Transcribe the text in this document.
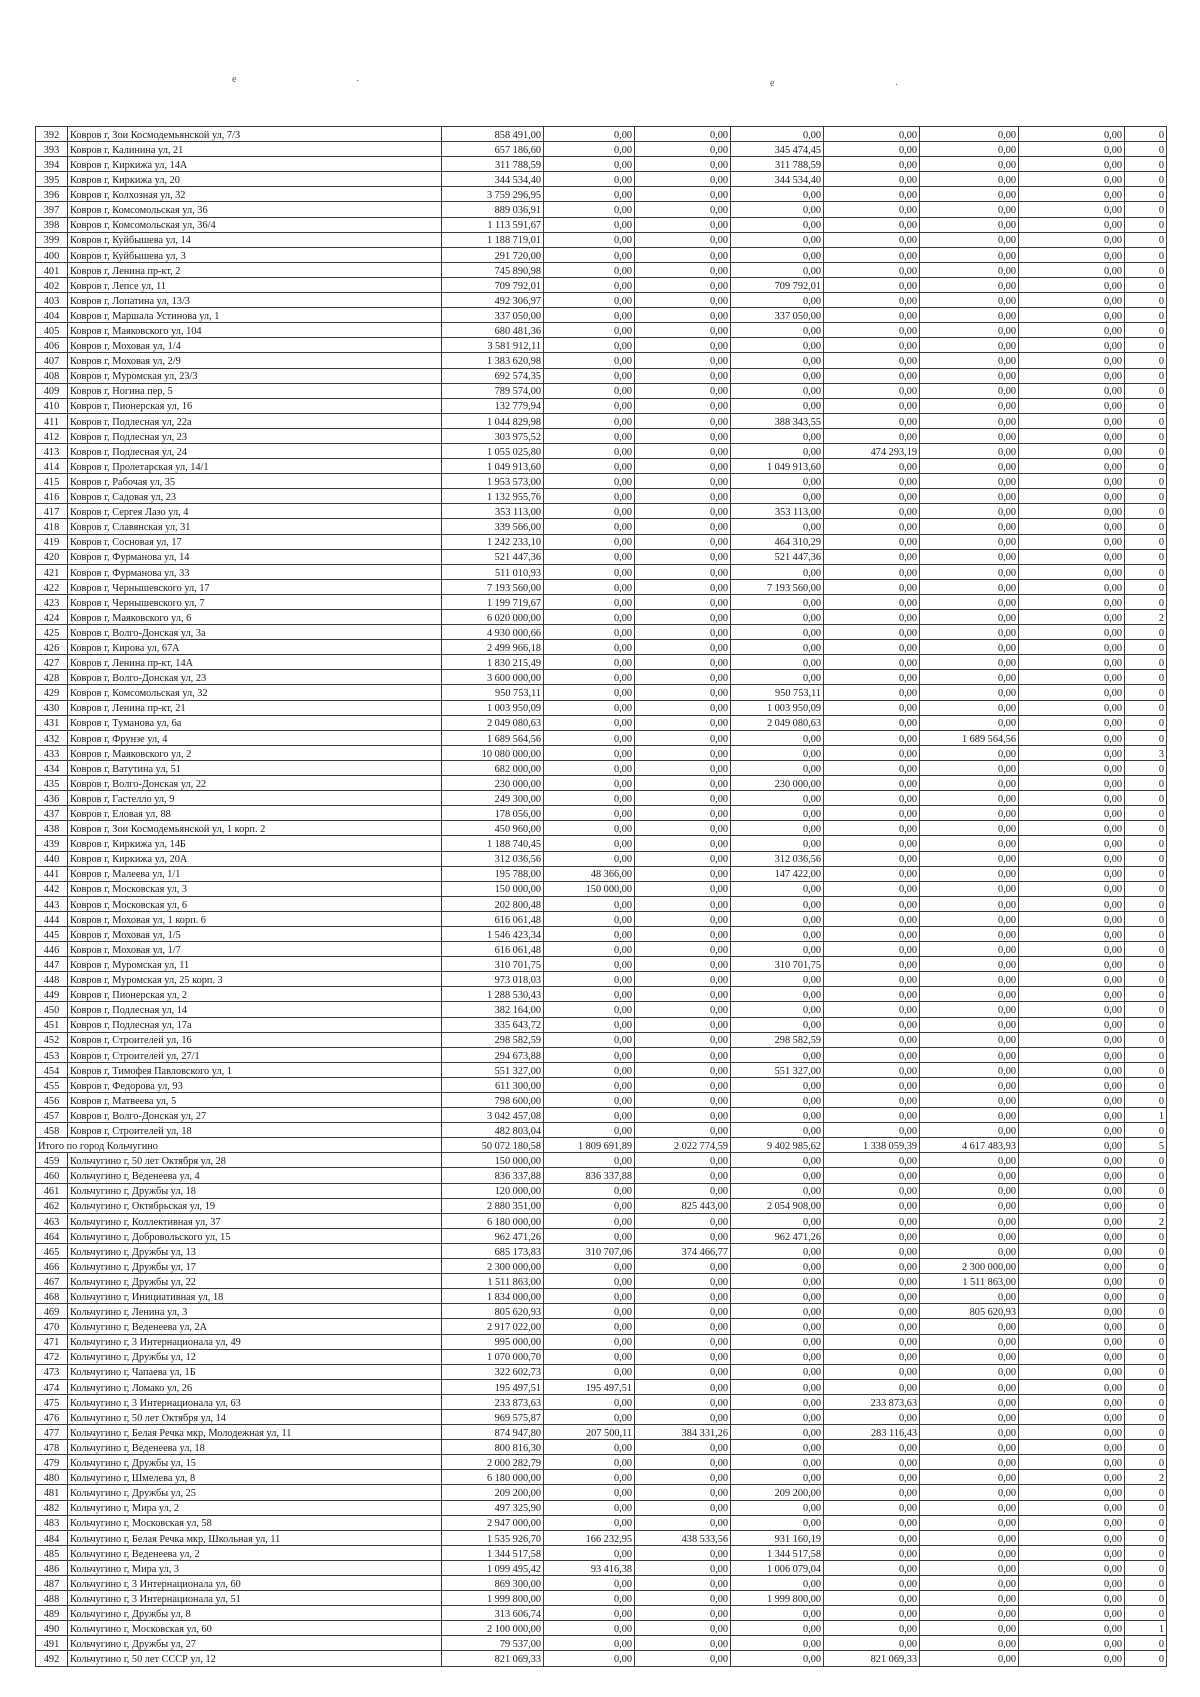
е	·	е	·
392	Ковров г, Зои Космодемьянской ул, 7/3	858 491,00	0,00	0,00	0,00	0,00	0,00	0,00	0
393	Ковров г, Калинина ул, 21	657 186,60	0,00	0,00	345 474,45	0,00	0,00	0,00	0
394	Ковров г, Киркижа ул, 14А	311 788,59	0,00	0,00	311 788,59	0,00	0,00	0,00	0
395	Ковров г, Киркижа ул, 20	344 534,40	0,00	0,00	344 534,40	0,00	0,00	0,00	0
396	Ковров г, Колхозная ул, 32	3 759 296,95	0,00	0,00	0,00	0,00	0,00	0,00	0
397	Ковров г, Комсомольская ул, 36	889 036,91	0,00	0,00	0,00	0,00	0,00	0,00	0
398	Ковров г, Комсомольская ул, 36/4	1 113 591,67	0,00	0,00	0,00	0,00	0,00	0,00	0
399	Ковров г, Куйбышева ул, 14	1 188 719,01	0,00	0,00	0,00	0,00	0,00	0,00	0
400	Ковров г, Куйбышева ул, 3	291 720,00	0,00	0,00	0,00	0,00	0,00	0,00	0
401	Ковров г, Ленина пр-кт, 2	745 890,98	0,00	0,00	0,00	0,00	0,00	0,00	0
402	Ковров г, Лепсе ул, 11	709 792,01	0,00	0,00	709 792,01	0,00	0,00	0,00	0
403	Ковров г, Лопатина ул, 13/3	492 306,97	0,00	0,00	0,00	0,00	0,00	0,00	0
404	Ковров г, Маршала Устинова ул, 1	337 050,00	0,00	0,00	337 050,00	0,00	0,00	0,00	0
405	Ковров г, Маяковского ул, 104	680 481,36	0,00	0,00	0,00	0,00	0,00	0,00	0
406	Ковров г, Моховая ул, 1/4	3 581 912,11	0,00	0,00	0,00	0,00	0,00	0,00	0
407	Ковров г, Моховая ул, 2/9	1 383 620,98	0,00	0,00	0,00	0,00	0,00	0,00	0
408	Ковров г, Муромская ул, 23/3	692 574,35	0,00	0,00	0,00	0,00	0,00	0,00	0
409	Ковров г, Ногина пер, 5	789 574,00	0,00	0,00	0,00	0,00	0,00	0,00	0
410	Ковров г, Пионерская ул, 16	132 779,94	0,00	0,00	0,00	0,00	0,00	0,00	0
411	Ковров г, Подлесная ул, 22а	1 044 829,98	0,00	0,00	388 343,55	0,00	0,00	0,00	0
412	Ковров г, Подлесная ул, 23	303 975,52	0,00	0,00	0,00	0,00	0,00	0,00	0
413	Ковров г, Подлесная ул, 24	1 055 025,80	0,00	0,00	0,00	474 293,19	0,00	0,00	0
414	Ковров г, Пролетарская ул, 14/1	1 049 913,60	0,00	0,00	1 049 913,60	0,00	0,00	0,00	0
415	Ковров г, Рабочая ул, 35	1 953 573,00	0,00	0,00	0,00	0,00	0,00	0,00	0
416	Ковров г, Садовая ул, 23	1 132 955,76	0,00	0,00	0,00	0,00	0,00	0,00	0
417	Ковров г, Сергея Лазо ул, 4	353 113,00	0,00	0,00	353 113,00	0,00	0,00	0,00	0
418	Ковров г, Славянская ул, 31	339 566,00	0,00	0,00	0,00	0,00	0,00	0,00	0
419	Ковров г, Сосновая ул, 17	1 242 233,10	0,00	0,00	464 310,29	0,00	0,00	0,00	0
420	Ковров г, Фурманова ул, 14	521 447,36	0,00	0,00	521 447,36	0,00	0,00	0,00	0
421	Ковров г, Фурманова ул, 33	511 010,93	0,00	0,00	0,00	0,00	0,00	0,00	0
422	Ковров г, Чернышевского ул, 17	7 193 560,00	0,00	0,00	7 193 560,00	0,00	0,00	0,00	0
423	Ковров г, Чернышевского ул, 7	1 199 719,67	0,00	0,00	0,00	0,00	0,00	0,00	0
424	Ковров г, Маяковского ул, 6	6 020 000,00	0,00	0,00	0,00	0,00	0,00	0,00	2
425	Ковров г, Волго-Донская ул, 3а	4 930 000,66	0,00	0,00	0,00	0,00	0,00	0,00	0
426	Ковров г, Кирова ул, 67А	2 499 966,18	0,00	0,00	0,00	0,00	0,00	0,00	0
427	Ковров г, Ленина пр-кт, 14А	1 830 215,49	0,00	0,00	0,00	0,00	0,00	0,00	0
428	Ковров г, Волго-Донская ул, 23	3 600 000,00	0,00	0,00	0,00	0,00	0,00	0,00	0
429	Ковров г, Комсомольская ул, 32	950 753,11	0,00	0,00	950 753,11	0,00	0,00	0,00	0
430	Ковров г, Ленина пр-кт, 21	1 003 950,09	0,00	0,00	1 003 950,09	0,00	0,00	0,00	0
431	Ковров г, Туманова ул, 6а	2 049 080,63	0,00	0,00	2 049 080,63	0,00	0,00	0,00	0
432	Ковров г, Фрунзе ул, 4	1 689 564,56	0,00	0,00	0,00	0,00	1 689 564,56	0,00	0
433	Ковров г, Маяковского ул, 2	10 080 000,00	0,00	0,00	0,00	0,00	0,00	0,00	3
434	Ковров г, Ватутина ул, 51	682 000,00	0,00	0,00	0,00	0,00	0,00	0,00	0
435	Ковров г, Волго-Донская ул, 22	230 000,00	0,00	0,00	230 000,00	0,00	0,00	0,00	0
436	Ковров г, Гастелло ул, 9	249 300,00	0,00	0,00	0,00	0,00	0,00	0,00	0
437	Ковров г, Еловая ул, 88	178 056,00	0,00	0,00	0,00	0,00	0,00	0,00	0
438	Ковров г, Зои Космодемьянской ул, 1 корп. 2	450 960,00	0,00	0,00	0,00	0,00	0,00	0,00	0
439	Ковров г, Киркижа ул, 14Б	1 188 740,45	0,00	0,00	0,00	0,00	0,00	0,00	0
440	Ковров г, Киркижа ул, 20А	312 036,56	0,00	0,00	312 036,56	0,00	0,00	0,00	0
441	Ковров г, Малеева ул, 1/1	195 788,00	48 366,00	0,00	147 422,00	0,00	0,00	0,00	0
442	Ковров г, Московская ул, 3	150 000,00	150 000,00	0,00	0,00	0,00	0,00	0,00	0
443	Ковров г, Московская ул, 6	202 800,48	0,00	0,00	0,00	0,00	0,00	0,00	0
444	Ковров г, Моховая ул, 1 корп. 6	616 061,48	0,00	0,00	0,00	0,00	0,00	0,00	0
445	Ковров г, Моховая ул, 1/5	1 546 423,34	0,00	0,00	0,00	0,00	0,00	0,00	0
446	Ковров г, Моховая ул, 1/7	616 061,48	0,00	0,00	0,00	0,00	0,00	0,00	0
447	Ковров г, Муромская ул, 11	310 701,75	0,00	0,00	310 701,75	0,00	0,00	0,00	0
448	Ковров г, Муромская ул, 25 корп. 3	973 018,03	0,00	0,00	0,00	0,00	0,00	0,00	0
449	Ковров г, Пионерская ул, 2	1 288 530,43	0,00	0,00	0,00	0,00	0,00	0,00	0
450	Ковров г, Подлесная ул, 14	382 164,00	0,00	0,00	0,00	0,00	0,00	0,00	0
451	Ковров г, Подлесная ул, 17а	335 643,72	0,00	0,00	0,00	0,00	0,00	0,00	0
452	Ковров г, Строителей ул, 16	298 582,59	0,00	0,00	298 582,59	0,00	0,00	0,00	0
453	Ковров г, Строителей ул, 27/1	294 673,88	0,00	0,00	0,00	0,00	0,00	0,00	0
454	Ковров г, Тимофея Павловского ул, 1	551 327,00	0,00	0,00	551 327,00	0,00	0,00	0,00	0
455	Ковров г, Федорова ул, 93	611 300,00	0,00	0,00	0,00	0,00	0,00	0,00	0
456	Ковров г, Матвеева ул, 5	798 600,00	0,00	0,00	0,00	0,00	0,00	0,00	0
457	Ковров г, Волго-Донская ул, 27	3 042 457,08	0,00	0,00	0,00	0,00	0,00	0,00	1
458	Ковров г, Строителей ул, 18	482 803,04	0,00	0,00	0,00	0,00	0,00	0,00	0
Итого по город Кольчугино		50 072 180,58	1 809 691,89	2 022 774,59	9 402 985,62	1 338 059,39	4 617 483,93	0,00	5
459	Кольчугино г, 50 лет Октября ул, 28	150 000,00	0,00	0,00	0,00	0,00	0,00	0,00	0
460	Кольчугино г, Веденеева ул, 4	836 337,88	836 337,88	0,00	0,00	0,00	0,00	0,00	0
461	Кольчугино г, Дружбы ул, 18	120 000,00	0,00	0,00	0,00	0,00	0,00	0,00	0
462	Кольчугино г, Октябрьская ул, 19	2 880 351,00	0,00	825 443,00	2 054 908,00	0,00	0,00	0,00	0
463	Кольчугино г, Коллективная ул, 37	6 180 000,00	0,00	0,00	0,00	0,00	0,00	0,00	2
464	Кольчугино г, Добровольского ул, 15	962 471,26	0,00	0,00	962 471,26	0,00	0,00	0,00	0
465	Кольчугино г, Дружбы ул, 13	685 173,83	310 707,06	374 466,77	0,00	0,00	0,00	0,00	0
466	Кольчугино г, Дружбы ул, 17	2 300 000,00	0,00	0,00	0,00	0,00	2 300 000,00	0,00	0
467	Кольчугино г, Дружбы ул, 22	1 511 863,00	0,00	0,00	0,00	0,00	1 511 863,00	0,00	0
468	Кольчугино г, Инициативная ул, 18	1 834 000,00	0,00	0,00	0,00	0,00	0,00	0,00	0
469	Кольчугино г, Ленина ул, 3	805 620,93	0,00	0,00	0,00	0,00	805 620,93	0,00	0
470	Кольчугино г, Веденеева ул, 2А	2 917 022,00	0,00	0,00	0,00	0,00	0,00	0,00	0
471	Кольчугино г, 3 Интернационала ул, 49	995 000,00	0,00	0,00	0,00	0,00	0,00	0,00	0
472	Кольчугино г, Дружбы ул, 12	1 070 000,70	0,00	0,00	0,00	0,00	0,00	0,00	0
473	Кольчугино г, Чапаева ул, 1Б	322 602,73	0,00	0,00	0,00	0,00	0,00	0,00	0
474	Кольчугино г, Ломако ул, 26	195 497,51	195 497,51	0,00	0,00	0,00	0,00	0,00	0
475	Кольчугино г, 3 Интернационала ул, 63	233 873,63	0,00	0,00	0,00	233 873,63	0,00	0,00	0
476	Кольчугино г, 50 лет Октября ул, 14	969 575,87	0,00	0,00	0,00	0,00	0,00	0,00	0
477	Кольчугино г, Белая Речка мкр, Молодежная ул, 11	874 947,80	207 500,11	384 331,26	0,00	283 116,43	0,00	0,00	0
478	Кольчугино г, Веденеева ул, 18	800 816,30	0,00	0,00	0,00	0,00	0,00	0,00	0
479	Кольчугино г, Дружбы ул, 15	2 000 282,79	0,00	0,00	0,00	0,00	0,00	0,00	0
480	Кольчугино г, Шмелева ул, 8	6 180 000,00	0,00	0,00	0,00	0,00	0,00	0,00	2
481	Кольчугино г, Дружбы ул, 25	209 200,00	0,00	0,00	209 200,00	0,00	0,00	0,00	0
482	Кольчугино г, Мира ул, 2	497 325,90	0,00	0,00	0,00	0,00	0,00	0,00	0
483	Кольчугино г, Московская ул, 58	2 947 000,00	0,00	0,00	0,00	0,00	0,00	0,00	0
484	Кольчугино г, Белая Речка мкр, Школьная ул, 11	1 535 926,70	166 232,95	438 533,56	931 160,19	0,00	0,00	0,00	0
485	Кольчугино г, Веденеева ул, 2	1 344 517,58	0,00	0,00	1 344 517,58	0,00	0,00	0,00	0
486	Кольчугино г, Мира ул, 3	1 099 495,42	93 416,38	0,00	1 006 079,04	0,00	0,00	0,00	0
487	Кольчугино г, 3 Интернационала ул, 60	869 300,00	0,00	0,00	0,00	0,00	0,00	0,00	0
488	Кольчугино г, 3 Интернационала ул, 51	1 999 800,00	0,00	0,00	1 999 800,00	0,00	0,00	0,00	0
489	Кольчугино г, Дружбы ул, 8	313 606,74	0,00	0,00	0,00	0,00	0,00	0,00	0
490	Кольчугино г, Московская ул, 60	2 100 000,00	0,00	0,00	0,00	0,00	0,00	0,00	1
491	Кольчугино г, Дружбы ул, 27	79 537,00	0,00	0,00	0,00	0,00	0,00	0,00	0
492	Кольчугино г, 50 лет СССР ул, 12	821 069,33	0,00	0,00	0,00	821 069,33	0,00	0,00	0
